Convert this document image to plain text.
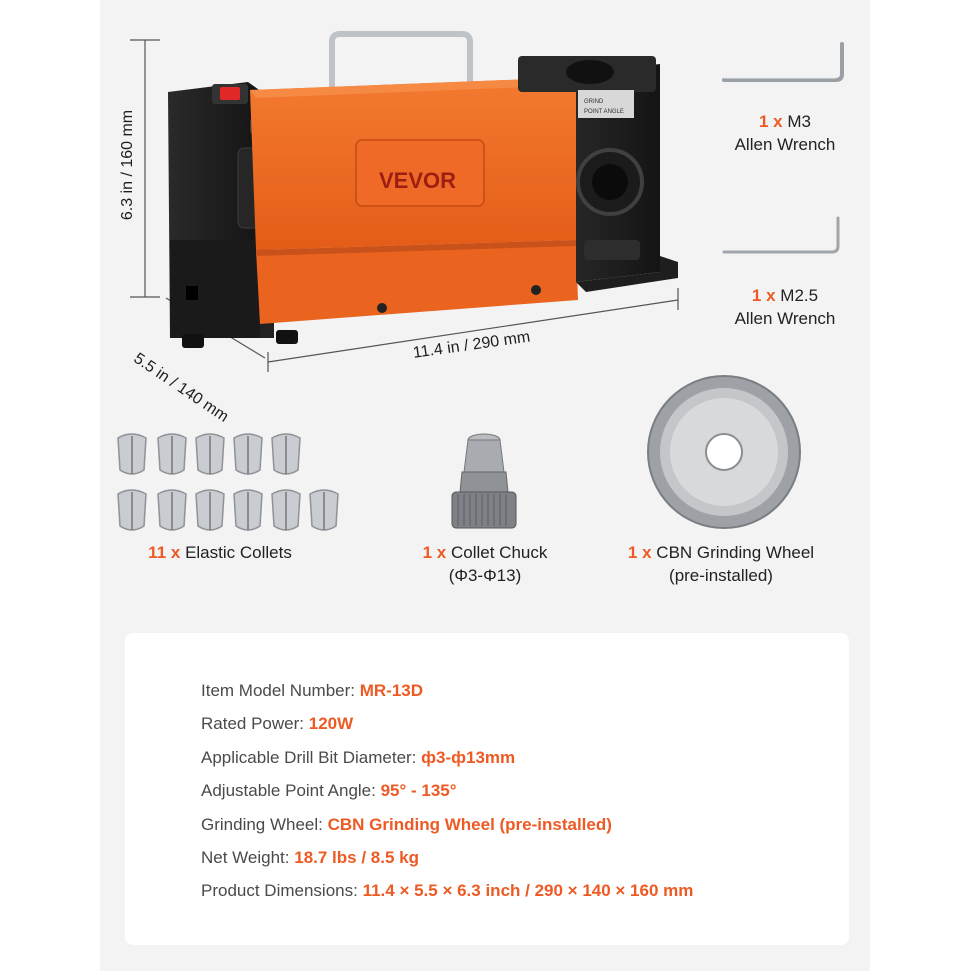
VEVOR
GRIND
POINT ANGLE
6.3 in / 160 mm
5.5 in / 140 mm
11.4 in / 290 mm
1 x M3
Allen Wrench
1 x M2.5
Allen Wrench
11 x Elastic Collets	1 x Collet Chuck
(Φ3-Φ13)
1 x CBN Grinding Wheel
(pre-installed)
Item Model Number: MR-13D
Rated Power: 120W
Applicable Drill Bit Diameter: ф3-ф13mm
Adjustable Point Angle: 95° - 135°
Grinding Wheel: CBN Grinding Wheel (pre-installed)
Net Weight: 18.7 lbs / 8.5 kg
Product Dimensions: 11.4 × 5.5 × 6.3 inch / 290 × 140 × 160 mm
